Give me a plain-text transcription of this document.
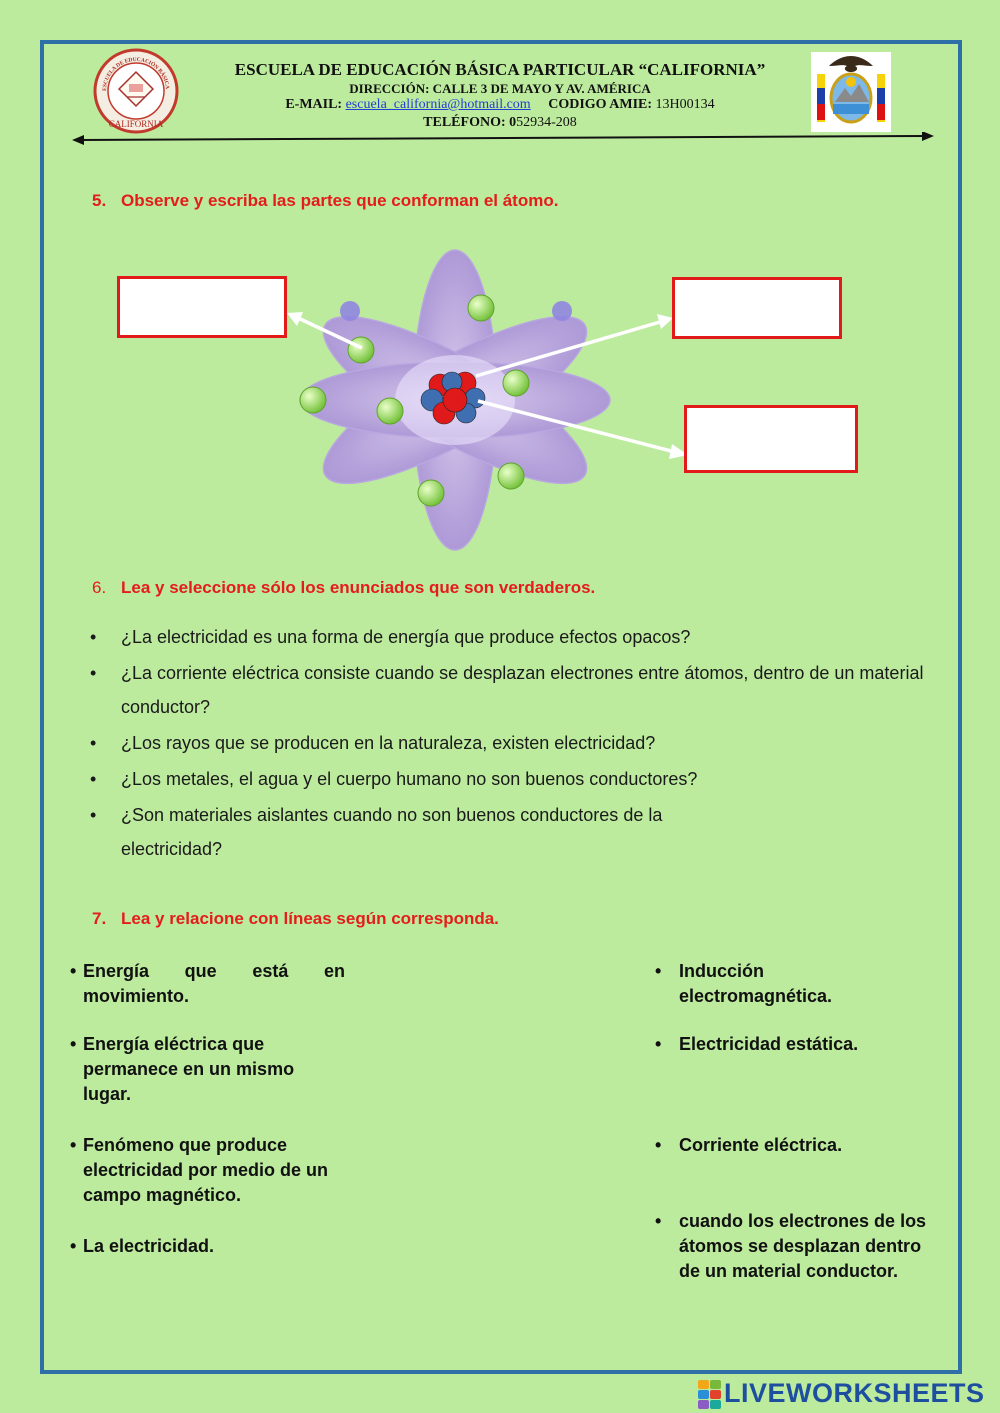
ESCUELA DE EDUCACIÓN BÁSICA
CALIFORNIA
ESCUELA DE EDUCACIÓN BÁSICA PARTICULAR “CALIFORNIA”
DIRECCIÓN: CALLE 3 DE MAYO Y AV. AMÉRICA
E-MAIL: escuela_california@hotmail.com CODIGO AMIE: 13H00134
TELÉFONO: 052934-208
5. Observe y escriba las partes que conforman el átomo.
6. Lea y seleccione sólo los enunciados que son verdaderos.
• ¿La electricidad es una forma de energía que produce efectos opacos?
• ¿La corriente eléctrica consiste cuando se desplazan electrones entre átomos, dentro de un material conductor?
• ¿Los rayos que se producen en la naturaleza, existen electricidad?
• ¿Los metales, el agua y el cuerpo humano no son buenos conductores?
• ¿Son materiales aislantes cuando no son buenos conductores de la electricidad?
7. Lea y relacione con líneas según corresponda.
• Energía que está en movimiento.
• Energía eléctrica que permanece en un mismo lugar.
• Fenómeno que produce electricidad por medio de un campo magnético.
• La electricidad.
• Inducción electromagnética.
• Electricidad estática.
• Corriente eléctrica.
• cuando los electrones de los átomos se desplazan dentro de un material conductor.
LIVEWORKSHEETS
